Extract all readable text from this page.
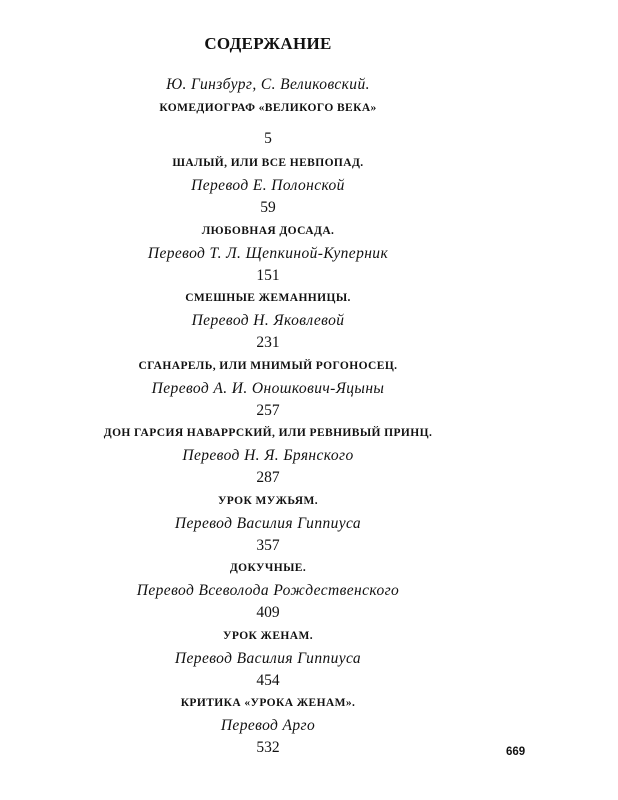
СОДЕРЖАНИЕ
Ю. Гинзбург, С. Великовский.
КОМЕДИОГРАФ «ВЕЛИКОГО ВЕКА»
5
ШАЛЫЙ, ИЛИ ВСЕ НЕВПОПАД.
Перевод Е. Полонской
59
ЛЮБОВНАЯ ДОСАДА.
Перевод Т. Л. Щепкиной-Куперник
151
СМЕШНЫЕ ЖЕМАННИЦЫ.
Перевод Н. Яковлевой
231
СГАНАРЕЛЬ, ИЛИ МНИМЫЙ РОГОНОСЕЦ.
Перевод А. И. Оношкович-Яцыны
257
ДОН ГАРСИЯ НАВАРРСКИЙ, ИЛИ РЕВНИВЫЙ ПРИНЦ.
Перевод Н. Я. Брянского
287
УРОК МУЖЬЯМ.
Перевод Василия Гиппиуса
357
ДОКУЧНЫЕ.
Перевод Всеволода Рождественского
409
УРОК ЖЕНАМ.
Перевод Василия Гиппиуса
454
КРИТИКА «УРОКА ЖЕНАМ».
Перевод Арго
532	669
